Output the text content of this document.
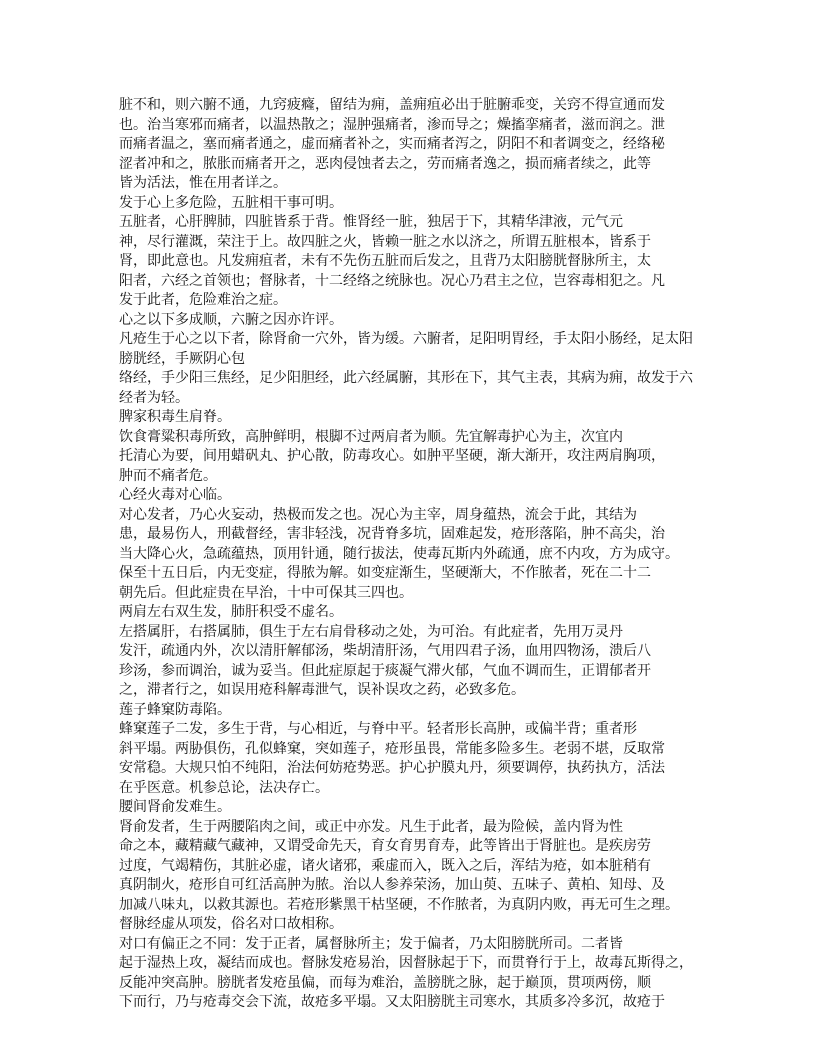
脏不和，则六腑不通，九窍疲癃，留结为痈，盖痈疽必出于脏腑乖变，关窍不得宣通而发
也。治当寒邪而痛者，以温热散之；湿肿强痛者，渗而导之；燥搐挛痛者，滋而润之。泄
而痛者温之，塞而痛者通之，虚而痛者补之，实而痛者泻之，阴阳不和者调变之，经络秘
涩者冲和之，脓胀而痛者开之，恶肉侵蚀者去之，劳而痛者逸之，损而痛者续之，此等
皆为活法，惟在用者详之。
发于心上多危险，五脏相干事可明。
五脏者，心肝脾肺，四脏皆系于背。惟肾经一脏，独居于下，其精华津液，元气元
神，尽行灌溉，荣注于上。故四脏之火，皆赖一脏之水以济之，所谓五脏根本，皆系于
肾，即此意也。凡发痈疽者，未有不先伤五脏而后发之，且背乃太阳膀胱督脉所主，太
阳者，六经之首领也；督脉者，十二经络之统脉也。况心乃君主之位，岂容毒相犯之。凡
发于此者，危险难治之症。
心之以下多成顺，六腑之因亦许评。
凡疮生于心之以下者，除肾俞一穴外，皆为缓。六腑者，足阳明胃经，手太阳小肠经，足太阳
膀胱经，手厥阴心包
络经，手少阳三焦经，足少阳胆经，此六经属腑，其形在下，其气主表，其病为痈，故发于六
经者为轻。
脾家积毒生肩脊。
饮食膏粱积毒所致，高肿鲜明，根脚不过两肩者为顺。先宜解毒护心为主，次宜内
托清心为要，间用蜡矾丸、护心散，防毒攻心。如肿平坚硬，渐大渐开，攻注两肩胸项，
肿而不痛者危。
心经火毒对心临。
对心发者，乃心火妄动，热极而发之也。况心为主宰，周身蕴热，流会于此，其结为
患，最易伤人，刑截督经，害非轻浅，况背脊多坑，固难起发，疮形落陷，肿不高尖，治
当大降心火，急疏蕴热，顶用针通，随行拔法，使毒瓦斯内外疏通，庶不内攻，方为成守。
保至十五日后，内无变症，得脓为解。如变症渐生，坚硬渐大，不作脓者，死在二十二
朝先后。但此症贵在早治，十中可保其三四也。
两肩左右双生发，肺肝积受不虚名。
左搭属肝，右搭属肺，俱生于左右肩骨移动之处，为可治。有此症者，先用万灵丹
发汗，疏通内外，次以清肝解郁汤，柴胡清肝汤，气用四君子汤，血用四物汤，溃后八
珍汤，参而调治，诚为妥当。但此症原起于痰凝气滞火郁，气血不调而生，正谓郁者开
之，滞者行之，如误用疮科解毒泄气，误补误攻之药，必致多危。
莲子蜂窠防毒陷。
蜂窠莲子二发，多生于背，与心相近，与脊中平。轻者形长高肿，或偏半背；重者形
斜平塌。两胁俱伤，孔似蜂窠，突如莲子，疮形虽畏，常能多险多生。老弱不堪，反取常
安常稳。大规只怕不纯阳，治法何妨疮势恶。护心护膜丸丹，须要调停，执药执方，活法
在乎医意。机参总论，法决存亡。
腰间肾俞发难生。
肾俞发者，生于两腰陷肉之间，或正中亦发。凡生于此者，最为险候，盖内肾为性
命之本，藏精藏气藏神，又谓受命先天，育女育男育寿，此等皆出于肾脏也。是疾房劳
过度，气竭精伤，其脏必虚，诸火诸邪，乘虚而入，既入之后，浑结为疮，如本脏稍有
真阴制火，疮形自可红活高肿为脓。治以人参养荣汤，加山萸、五味子、黄柏、知母、及
加减八味丸，以救其源也。若疮形紫黑干枯坚硬，不作脓者，为真阴内败，再无可生之理。
督脉经虚从项发，俗名对口故相称。
对口有偏正之不同：发于正者，属督脉所主；发于偏者，乃太阳膀胱所司。二者皆
起于湿热上攻，凝结而成也。督脉发疮易治，因督脉起于下，而贯脊行于上，故毒瓦斯得之，
反能冲突高肿。膀胱者发疮虽偏，而每为难治，盖膀胱之脉，起于巅顶，贯项两傍，顺
下而行，乃与疮毒交会下流，故疮多平塌。又太阳膀胱主司寒水，其质多冷多沉，故疮于
